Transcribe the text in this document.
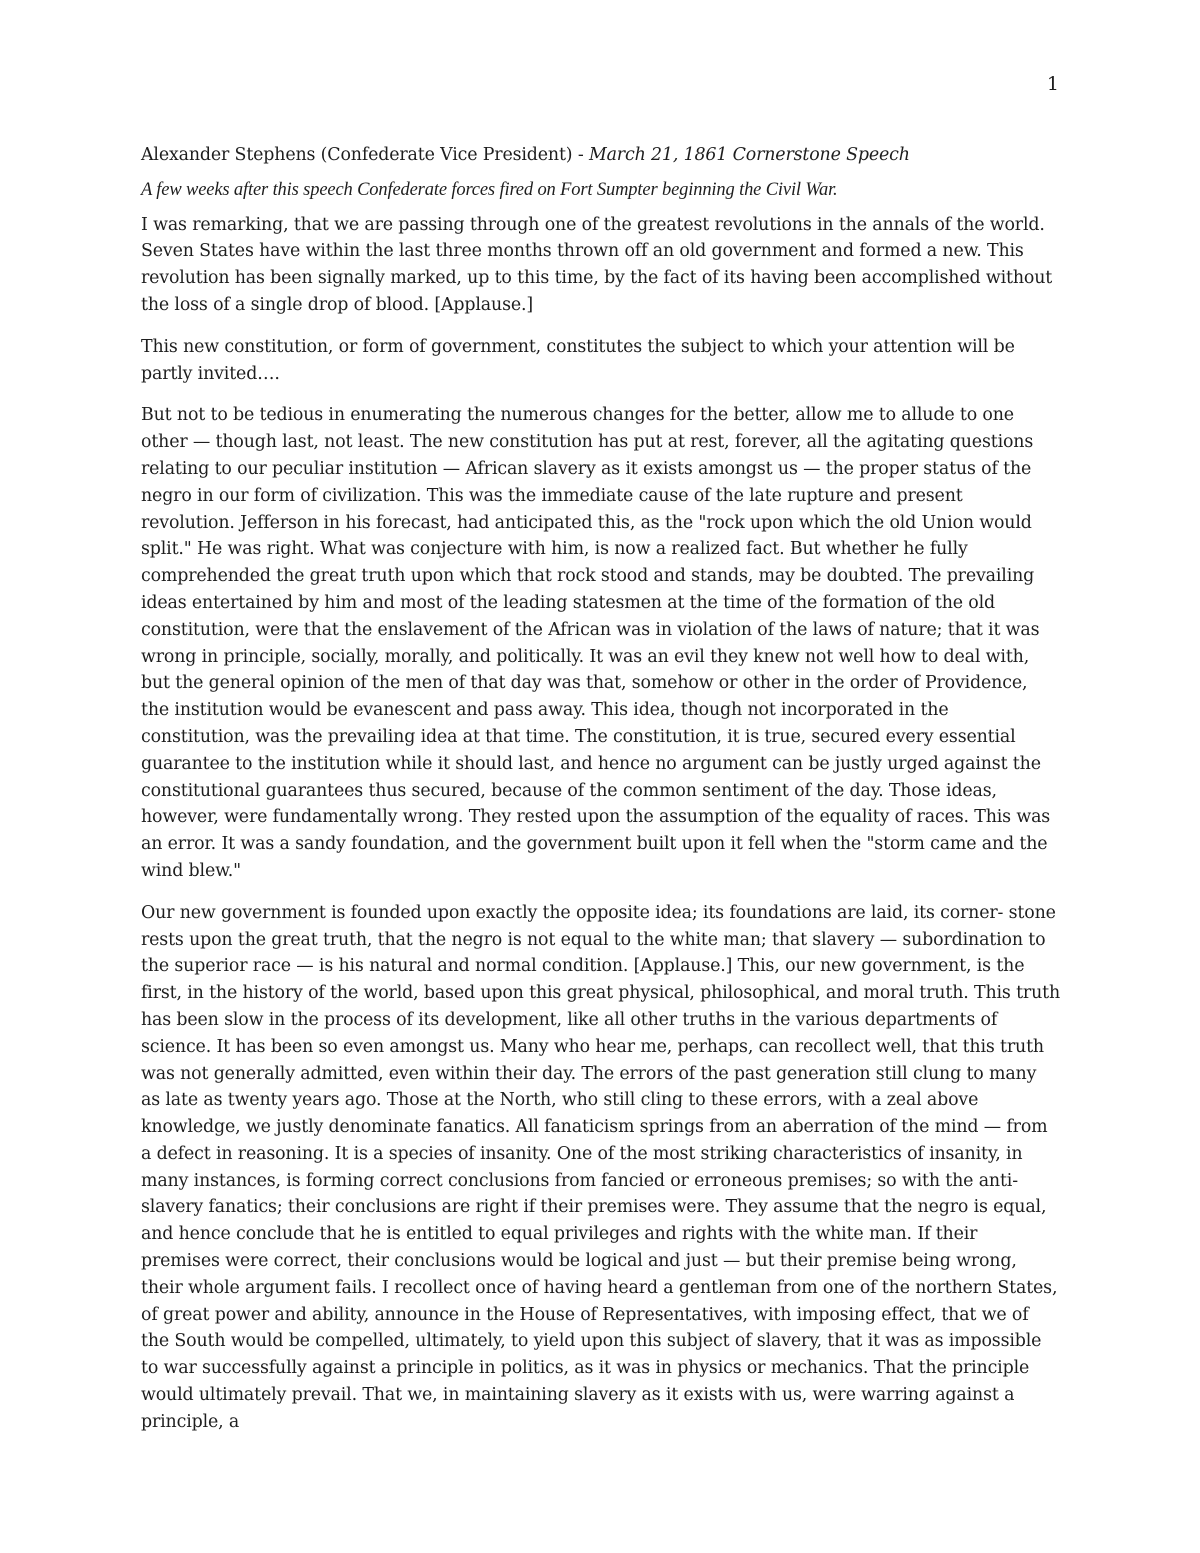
1

Alexander Stephens (Confederate Vice President) - March 21, 1861 Cornerstone Speech

A few weeks after this speech Confederate forces fired on Fort Sumpter beginning the Civil War.

I was remarking, that we are passing through one of the greatest revolutions in the annals of the world. Seven States have within the last three months thrown off an old government and formed a new. This revolution has been signally marked, up to this time, by the fact of its having been accomplished without the loss of a single drop of blood. [Applause.]

This new constitution, or form of government, constitutes the subject to which your attention will be partly invited….

But not to be tedious in enumerating the numerous changes for the better, allow me to allude to one other — though last, not least. The new constitution has put at rest, forever, all the agitating questions relating to our peculiar institution — African slavery as it exists amongst us — the proper status of the negro in our form of civilization. This was the immediate cause of the late rupture and present revolution. Jefferson in his forecast, had anticipated this, as the "rock upon which the old Union would split." He was right. What was conjecture with him, is now a realized fact. But whether he fully comprehended the great truth upon which that rock stood and stands, may be doubted. The prevailing ideas entertained by him and most of the leading statesmen at the time of the formation of the old constitution, were that the enslavement of the African was in violation of the laws of nature; that it was wrong in principle, socially, morally, and politically. It was an evil they knew not well how to deal with, but the general opinion of the men of that day was that, somehow or other in the order of Providence, the institution would be evanescent and pass away. This idea, though not incorporated in the constitution, was the prevailing idea at that time. The constitution, it is true, secured every essential guarantee to the institution while it should last, and hence no argument can be justly urged against the constitutional guarantees thus secured, because of the common sentiment of the day. Those ideas, however, were fundamentally wrong. They rested upon the assumption of the equality of races. This was an error. It was a sandy foundation, and the government built upon it fell when the "storm came and the wind blew."

Our new government is founded upon exactly the opposite idea; its foundations are laid, its corner- stone rests upon the great truth, that the negro is not equal to the white man; that slavery — subordination to the superior race — is his natural and normal condition. [Applause.] This, our new government, is the first, in the history of the world, based upon this great physical, philosophical, and moral truth. This truth has been slow in the process of its development, like all other truths in the various departments of science. It has been so even amongst us. Many who hear me, perhaps, can recollect well, that this truth was not generally admitted, even within their day. The errors of the past generation still clung to many as late as twenty years ago. Those at the North, who still cling to these errors, with a zeal above knowledge, we justly denominate fanatics. All fanaticism springs from an aberration of the mind — from a defect in reasoning. It is a species of insanity. One of the most striking characteristics of insanity, in many instances, is forming correct conclusions from fancied or erroneous premises; so with the anti-slavery fanatics; their conclusions are right if their premises were. They assume that the negro is equal, and hence conclude that he is entitled to equal privileges and rights with the white man. If their premises were correct, their conclusions would be logical and just — but their premise being wrong, their whole argument fails. I recollect once of having heard a gentleman from one of the northern States, of great power and ability, announce in the House of Representatives, with imposing effect, that we of the South would be compelled, ultimately, to yield upon this subject of slavery, that it was as impossible to war successfully against a principle in politics, as it was in physics or mechanics. That the principle would ultimately prevail. That we, in maintaining slavery as it exists with us, were warring against a principle, a
